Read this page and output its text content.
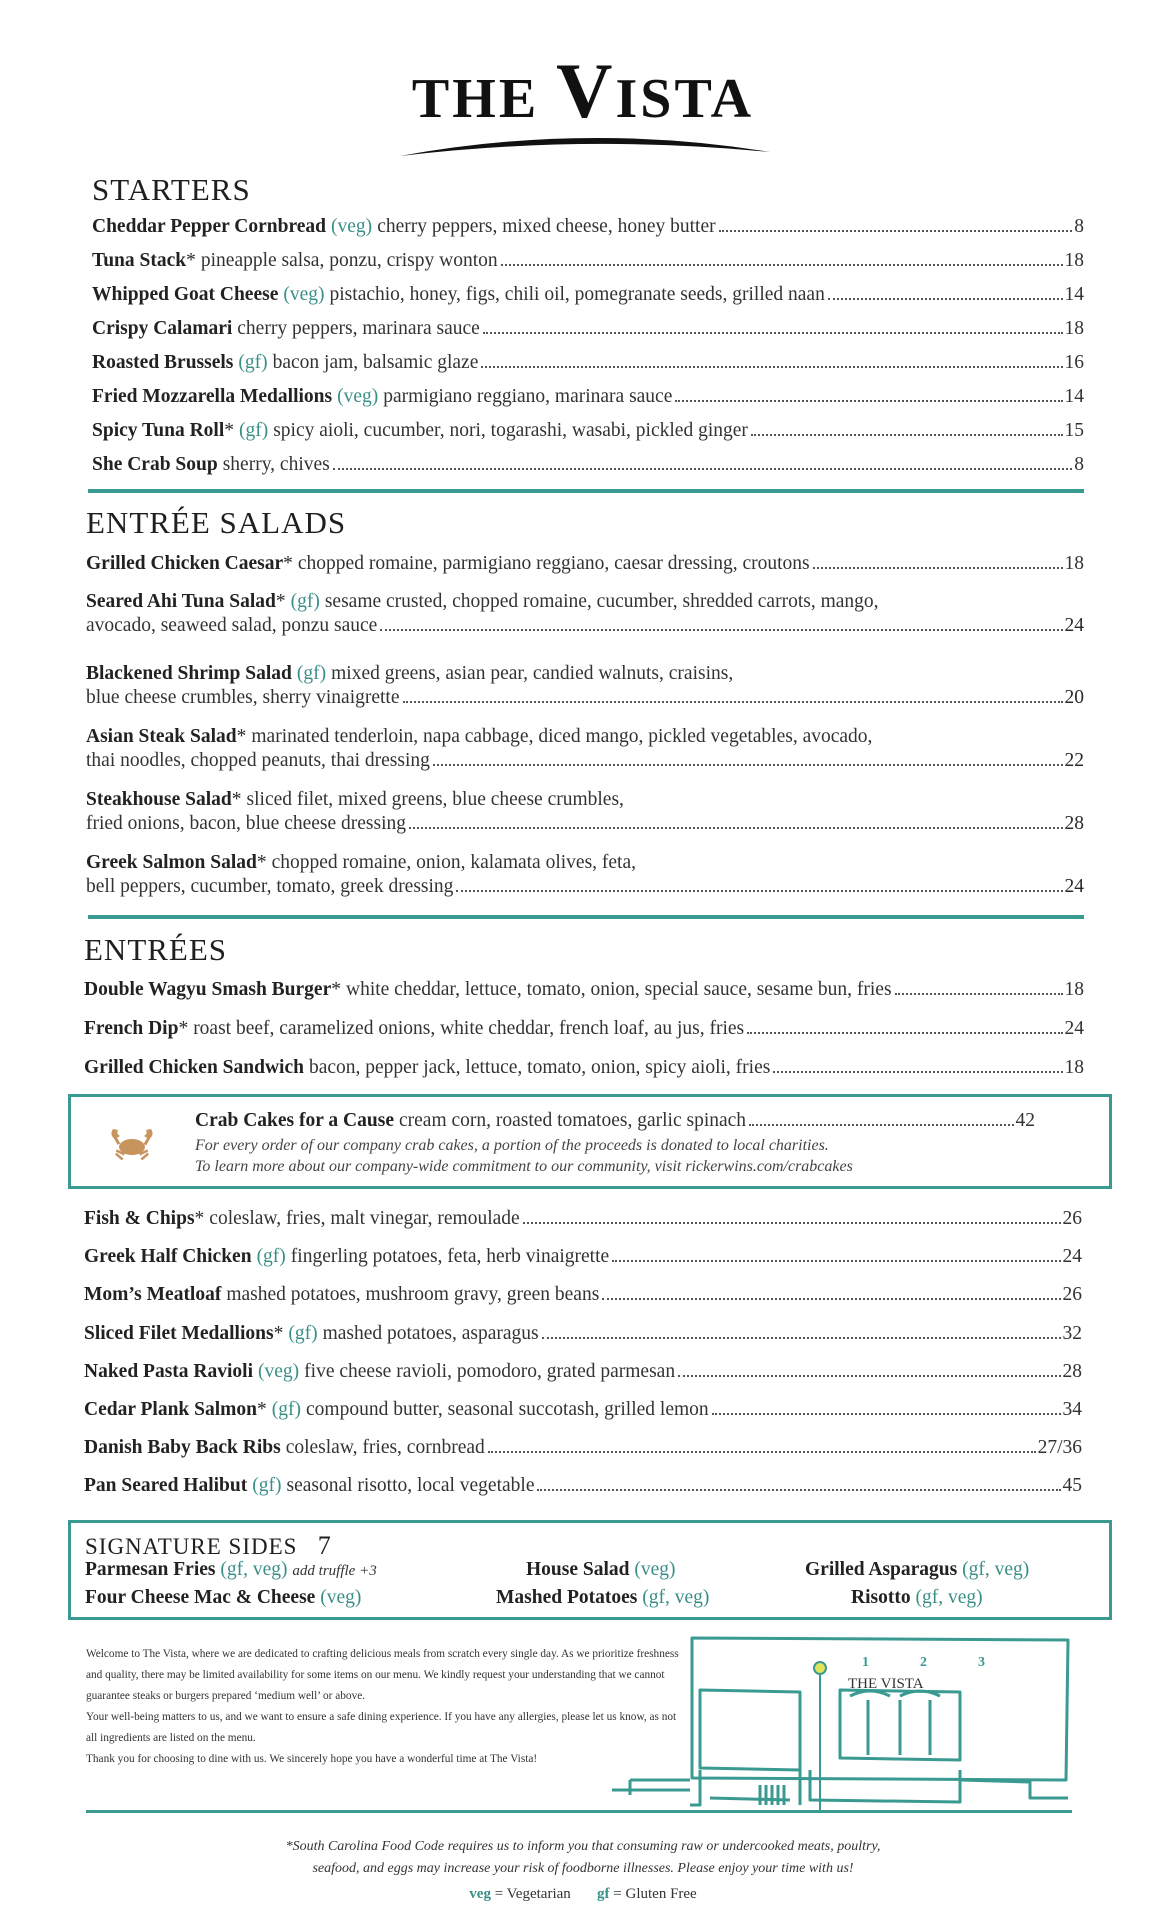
THE VISTA
STARTERS
Cheddar Pepper Cornbread (veg) cherry peppers, mixed cheese, honey butter	8
Tuna Stack * pineapple salsa, ponzu, crispy wonton	18
Whipped Goat Cheese (veg) pistachio, honey, figs, chili oil, pomegranate seeds, grilled naan	14
Crispy Calamari cherry peppers, marinara sauce	18
Roasted Brussels (gf) bacon jam, balsamic glaze	16
Fried Mozzarella Medallions (veg) parmigiano reggiano, marinara sauce	14
Spicy Tuna Roll * (gf) spicy aioli, cucumber, nori, togarashi, wasabi, pickled ginger	15
She Crab Soup sherry, chives	8
ENTRÉE SALADS
Grilled Chicken Caesar * chopped romaine, parmigiano reggiano, caesar dressing, croutons	18
Seared Ahi Tuna Salad* (gf) sesame crusted, chopped romaine, cucumber, shredded carrots, mango,
avocado, seaweed salad, ponzu sauce	24
Blackened Shrimp Salad (gf) mixed greens, asian pear, candied walnuts, craisins,
blue cheese crumbles, sherry vinaigrette	20
Asian Steak Salad* marinated tenderloin, napa cabbage, diced mango, pickled vegetables, avocado,
thai noodles, chopped peanuts, thai dressing	22
Steakhouse Salad* sliced filet, mixed greens, blue cheese crumbles,
fried onions, bacon, blue cheese dressing	28
Greek Salmon Salad* chopped romaine, onion, kalamata olives, feta,
bell peppers, cucumber, tomato, greek dressing	24
ENTRÉES
Double Wagyu Smash Burger * white cheddar, lettuce, tomato, onion, special sauce, sesame bun, fries	18
French Dip * roast beef, caramelized onions, white cheddar, french loaf, au jus, fries	24
Grilled Chicken Sandwich bacon, pepper jack, lettuce, tomato, onion, spicy aioli, fries	18
Crab Cakes for a Cause cream corn, roasted tomatoes, garlic spinach	42
For every order of our company crab cakes, a portion of the proceeds is donated to local charities.
To learn more about our company-wide commitment to our community, visit rickerwins.com/crabcakes
Fish & Chips * coleslaw, fries, malt vinegar, remoulade	26
Greek Half Chicken (gf) fingerling potatoes, feta, herb vinaigrette	24
Mom’s Meatloaf mashed potatoes, mushroom gravy, green beans	26
Sliced Filet Medallions * (gf) mashed potatoes, asparagus	32
Naked Pasta Ravioli (veg) five cheese ravioli, pomodoro, grated parmesan	28
Cedar Plank Salmon * (gf) compound butter, seasonal succotash, grilled lemon	34
Danish Baby Back Ribs coleslaw, fries, cornbread	27/36
Pan Seared Halibut (gf) seasonal risotto, local vegetable	45
SIGNATURE SIDES 7
Parmesan Fries (gf, veg) add truffle +3	House Salad (veg)	Grilled Asparagus (gf, veg)
Four Cheese Mac & Cheese (veg)	Mashed Potatoes (gf, veg)	Risotto (gf, veg)
Welcome to The Vista, where we are dedicated to crafting delicious meals from scratch every single day. As we prioritize freshness and quality, there may be limited availability for some items on our menu. We kindly request your understanding that we cannot guarantee steaks or burgers prepared ‘medium well’ or above.
Your well-being matters to us, and we want to ensure a safe dining experience. If you have any allergies, please let us know, as not all ingredients are listed on the menu.
Thank you for choosing to dine with us. We sincerely hope you have a wonderful time at The Vista!
1	2	3
THE VISTA
*South Carolina Food Code requires us to inform you that consuming raw or undercooked meats, poultry,
seafood, and eggs may increase your risk of foodborne illnesses. Please enjoy your time with us!
veg = Vegetarian gf = Gluten Free
